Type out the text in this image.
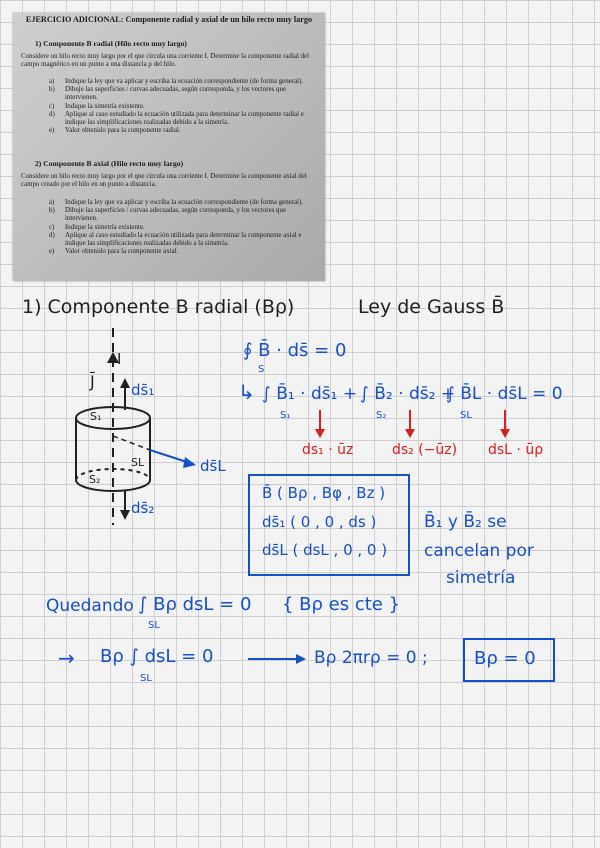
EJERCICIO ADICIONAL: Componente radial y axial de un hilo recto muy largo
1) Componente B radial (Hilo recto muy largo)
Considere un hilo recto muy largo por el que circula una corriente I. Determine la componente radial del campo magnético en un punto a una distancia ρ del hilo.
a)	Indique la ley que va aplicar y escriba la ecuación correspondiente (de forma general).
b)	Dibuje las superficies / curvas adecuadas, según corresponda, y los vectores que intervienen.
c)	Indique la simetría existente.
d)	Aplique al caso estudiado la ecuación utilizada para determinar la componente radial e indique las simplificaciones realizadas debido a la simetría.
e)	Valor obtenido para la componente radial.
2) Componente B axial (Hilo recto muy largo)
Considere un hilo recto muy largo por el que circula una corriente I. Determine la componente axial del campo creado por el hilo en un punto a distancia.
a)	Indique la ley que va aplicar y escriba la ecuación correspondiente (de forma general).
b)	Dibuje las superficies / curvas adecuadas, según corresponda, y los vectores que intervienen.
c)	Indique la simetría existente.
d)	Aplique al caso estudiado la ecuación utilizada para determinar la componente axial e indique las simplificaciones realizadas debido a la simetría.
e)	Valor obtenido para la componente axial.
1) Componente B radial (Bρ)	Ley de Gauss B̄
I
J̄ ds̄₁
S₁
SL
S₂
ds̄₂
ds̄L
∮ B̄ · ds̄ = 0
S
↳ ∫ B̄₁ · ds̄₁ +
S₁
∫ B̄₂ · ds̄₂ +
S₂
∫ B̄L · ds̄L = 0
SL
ds₁ · ūz	ds₂ (−ūz) dsL · ūρ
B̄ ( Bρ , Bφ , Bz )
ds̄₁ ( 0 , 0 , ds )
ds̄L ( dsL , 0 , 0 )
B̄₁ y B̄₂ se
cancelan por
simetría
Quedando ∫ Bρ dsL = 0
SL
{ Bρ es cte }
→ Bρ ∫ dsL = 0
SL
Bρ 2πrρ = 0 ;	Bρ = 0
